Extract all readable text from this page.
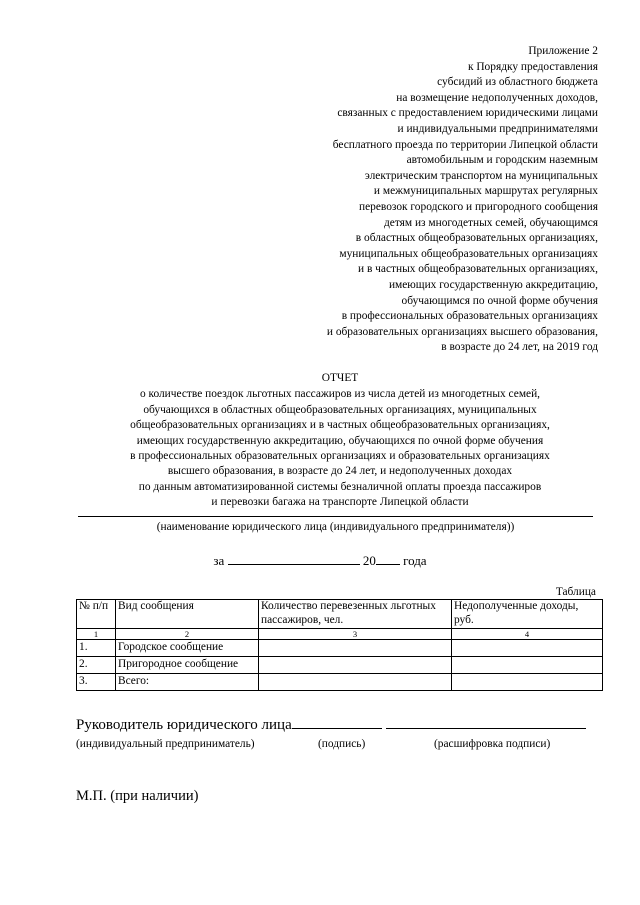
Приложение 2
к Порядку предоставления
субсидий из областного бюджета
на возмещение недополученных доходов,
связанных с предоставлением юридическими лицами
и индивидуальными предпринимателями
бесплатного проезда по территории Липецкой области
автомобильным и городским наземным
электрическим транспортом на муниципальных
и межмуниципальных маршрутах регулярных
перевозок городского и пригородного сообщения
детям из многодетных семей, обучающимся
в областных общеобразовательных организациях,
муниципальных общеобразовательных организациях
и в частных общеобразовательных организациях,
имеющих государственную аккредитацию,
обучающимся по очной форме обучения
в профессиональных образовательных организациях
и образовательных организациях высшего образования,
в возрасте до 24 лет, на 2019 год
ОТЧЕТ
о количестве поездок льготных пассажиров из числа детей из многодетных семей,
обучающихся в областных общеобразовательных организациях, муниципальных
общеобразовательных организациях и в частных общеобразовательных организациях,
имеющих государственную аккредитацию, обучающихся по очной форме обучения
в профессиональных образовательных организациях и образовательных организациях
высшего образования, в возрасте до 24 лет, и недополученных доходах
по данным автоматизированной системы безналичной оплаты проезда пассажиров
и перевозки багажа на транспорте Липецкой области
(наименование юридического лица (индивидуального предпринимателя))
за	20 года
Таблица
№ п/п	Вид сообщения	Количество перевезенных льготных пассажиров, чел.	Недополученные доходы, руб.
1	2	3	4
1.	Городское сообщение		
2.	Пригородное сообщение		
3.	Всего:		
Руководитель юридического лица
(индивидуальный предприниматель)	(подпись)	(расшифровка подписи)
М.П. (при наличии)
